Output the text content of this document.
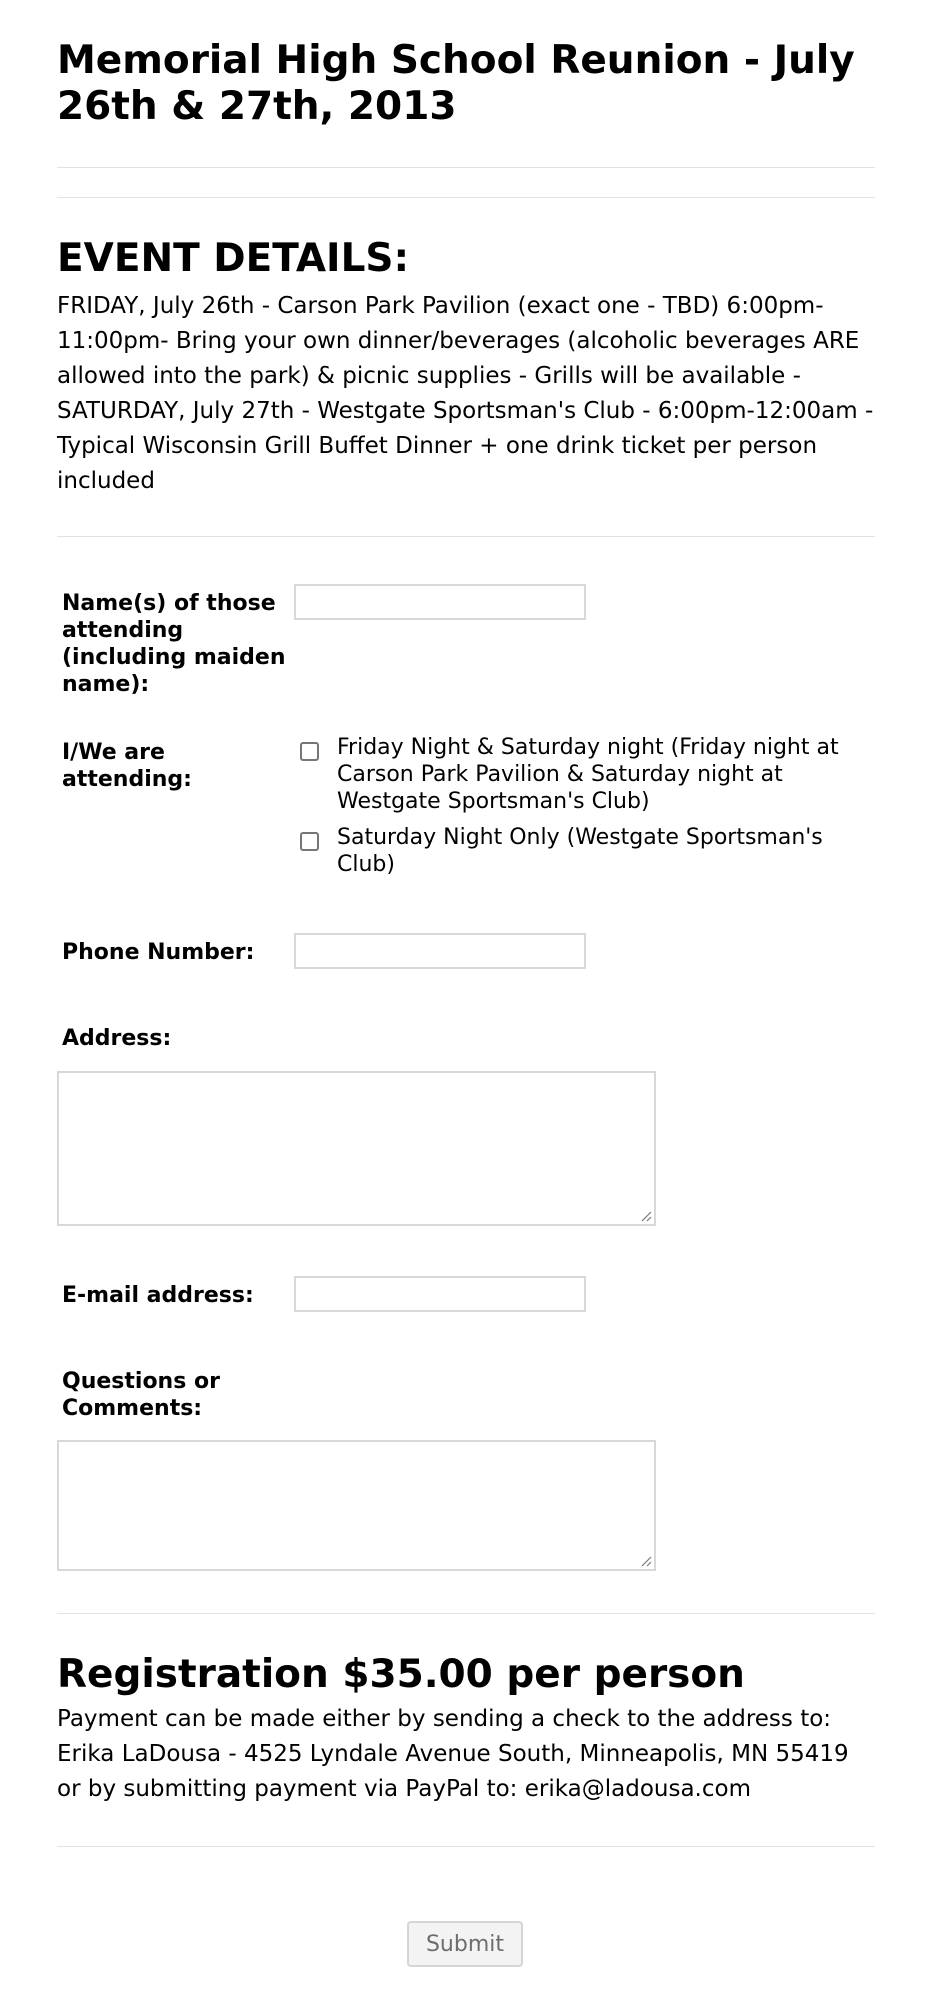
Memorial High School Reunion - July 26th & 27th, 2013
EVENT DETAILS:

FRIDAY, July 26th - Carson Park Pavilion (exact one - TBD) 6:00pm-11:00pm- Bring your own dinner/beverages (alcoholic beverages ARE allowed into the park) & picnic supplies - Grills will be available - SATURDAY, July 27th - Westgate Sportsman's Club - 6:00pm-12:00am - Typical Wisconsin Grill Buffet Dinner + one drink ticket per person included

Name(s) of those attending (including maiden name):
I/We are attending:
Friday Night & Saturday night (Friday night at Carson Park Pavilion & Saturday night at Westgate Sportsman's Club)
Saturday Night Only (Westgate Sportsman's Club)
Phone Number:
Address:
E-mail address:
Questions or Comments:
Registration $35.00 per person

Payment can be made either by sending a check to the address to: Erika LaDousa - 4525 Lyndale Avenue South, Minneapolis, MN 55419 or by submitting payment via PayPal to: erika@ladousa.com

Submit
